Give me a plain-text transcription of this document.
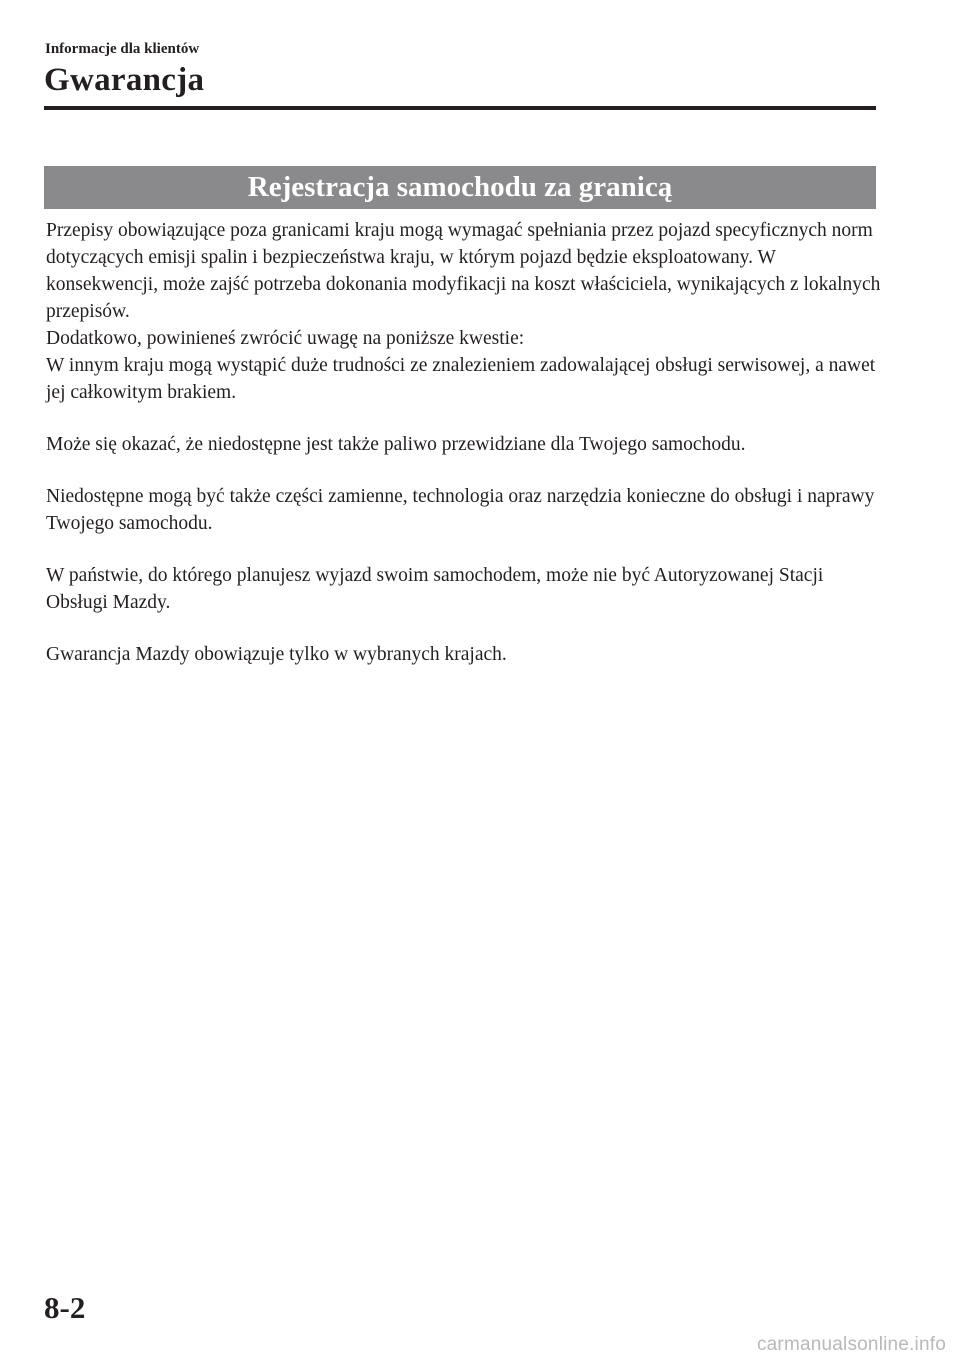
Informacje dla klientów
Gwarancja
Rejestracja samochodu za granicą

Przepisy obowiązujące poza granicami kraju mogą wymagać spełniania przez pojazd specyficznych norm dotyczących emisji spalin i bezpieczeństwa kraju, w którym pojazd będzie eksploatowany. W konsekwencji, może zajść potrzeba dokonania modyfikacji na koszt właściciela, wynikających z lokalnych przepisów.

Dodatkowo, powinieneś zwrócić uwagę na poniższe kwestie:

W innym kraju mogą wystąpić duże trudności ze znalezieniem zadowalającej obsługi serwisowej, a nawet jej całkowitym brakiem.

Może się okazać, że niedostępne jest także paliwo przewidziane dla Twojego samochodu.

Niedostępne mogą być także części zamienne, technologia oraz narzędzia konieczne do obsługi i naprawy Twojego samochodu.

W państwie, do którego planujesz wyjazd swoim samochodem, może nie być Autoryzowanej Stacji Obsługi Mazdy.

Gwarancja Mazdy obowiązuje tylko w wybranych krajach.

8-2
carmanualsonline.info
